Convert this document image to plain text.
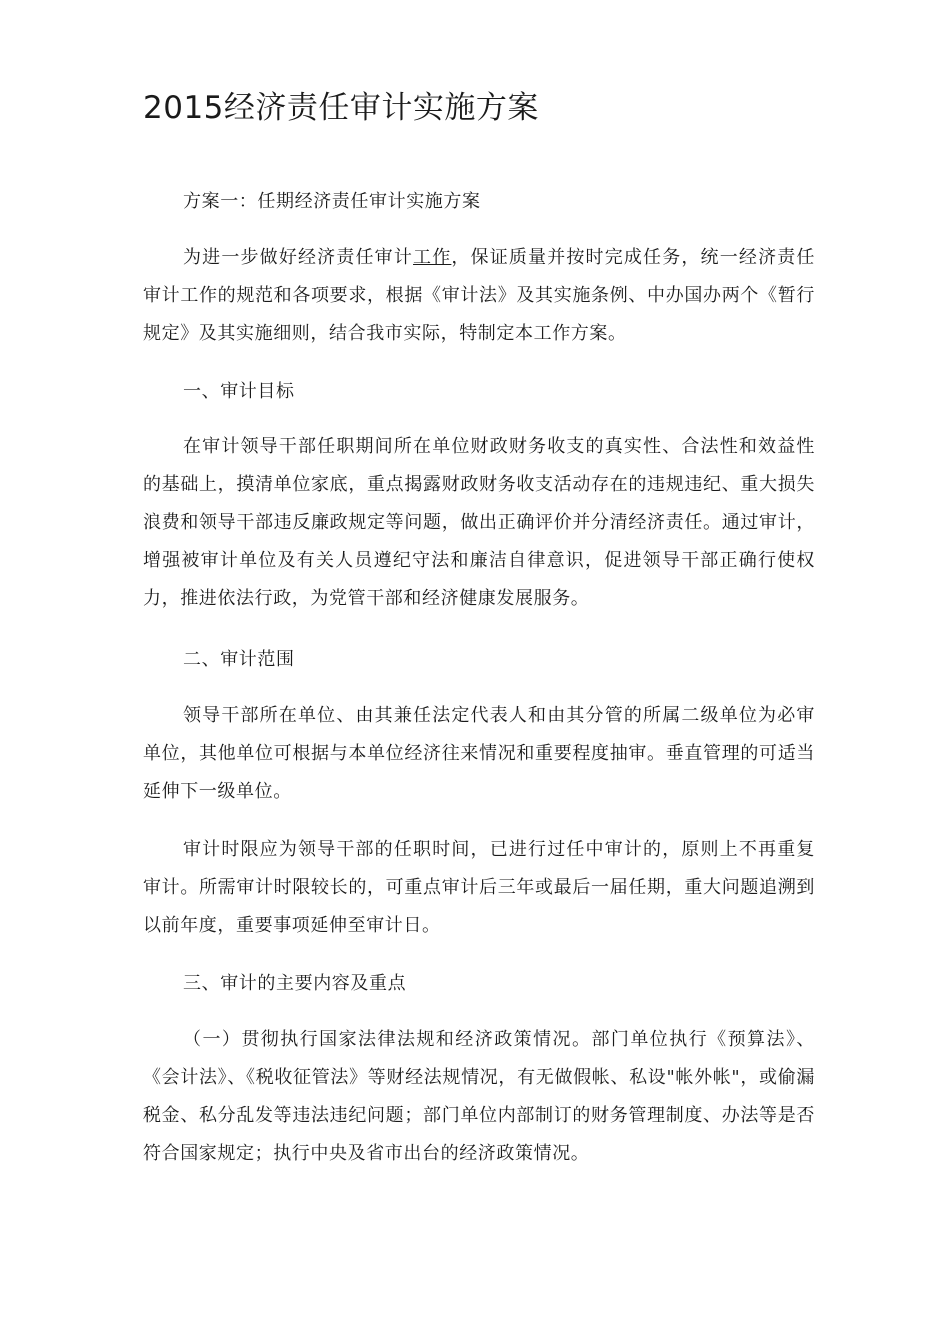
2015经济责任审计实施方案

方案一：任期经济责任审计实施方案

为进一步做好经济责任审计工作，保证质量并按时完成任务，统一经济责任审计工作的规范和各项要求，根据《审计法》及其实施条例、中办国办两个《暂行规定》及其实施细则，结合我市实际，特制定本工作方案。

一、审计目标

在审计领导干部任职期间所在单位财政财务收支的真实性、合法性和效益性的基础上，摸清单位家底，重点揭露财政财务收支活动存在的违规违纪、重大损失浪费和领导干部违反廉政规定等问题，做出正确评价并分清经济责任。通过审计，增强被审计单位及有关人员遵纪守法和廉洁自律意识，促进领导干部正确行使权力，推进依法行政，为党管干部和经济健康发展服务。

二、审计范围

领导干部所在单位、由其兼任法定代表人和由其分管的所属二级单位为必审单位，其他单位可根据与本单位经济往来情况和重要程度抽审。垂直管理的可适当延伸下一级单位。

审计时限应为领导干部的任职时间，已进行过任中审计的，原则上不再重复审计。所需审计时限较长的，可重点审计后三年或最后一届任期，重大问题追溯到以前年度，重要事项延伸至审计日。

三、审计的主要内容及重点

（一）贯彻执行国家法律法规和经济政策情况。部门单位执行《预算法》、《会计法》、《税收征管法》等财经法规情况，有无做假帐、私设"帐外帐"，或偷漏税金、私分乱发等违法违纪问题；部门单位内部制订的财务管理制度、办法等是否符合国家规定；执行中央及省市出台的经济政策情况。
